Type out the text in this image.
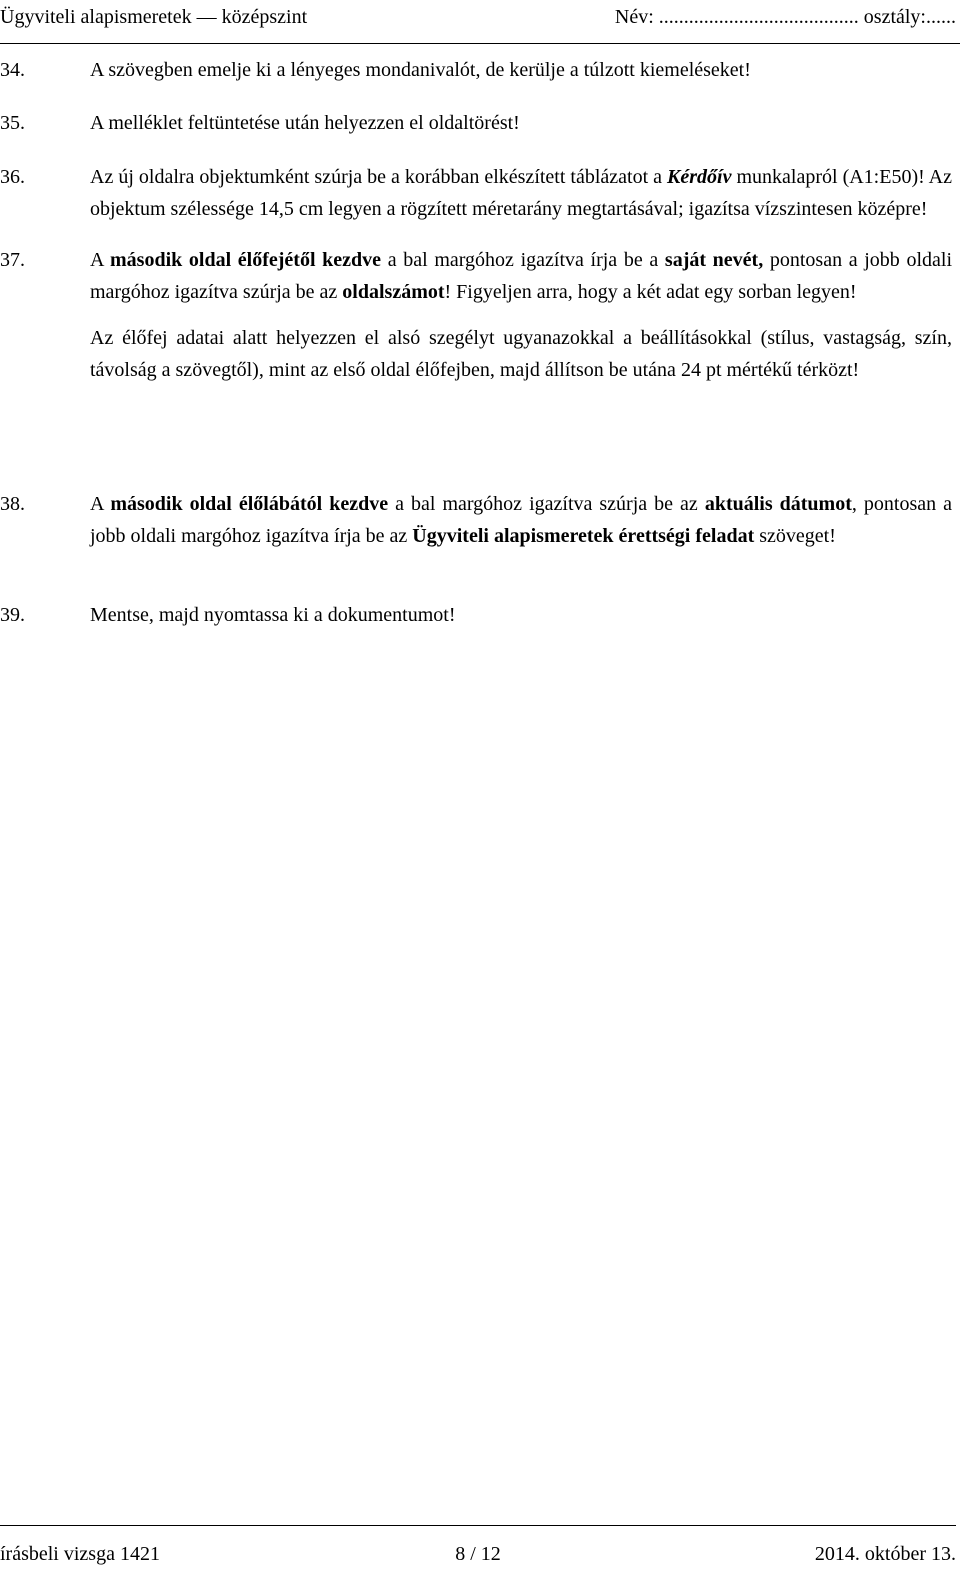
Ügyviteli alapismeretek — középszint	Név: ........................................ osztály:......
34.	A szövegben emelje ki a lényeges mondanivalót, de kerülje a túlzott kiemeléseket!

35.	A melléklet feltüntetése után helyezzen el oldaltörést!

36.	Az új oldalra objektumként szúrja be a korábban elkészített táblázatot a Kérdőív munkalapról (A1:E50)! Az objektum szélessége 14,5 cm legyen a rögzített méretarány megtartásával; igazítsa vízszintesen középre!

37.	A második oldal élőfejétől kezdve a bal margóhoz igazítva írja be a saját nevét, pontosan a jobb oldali margóhoz igazítva szúrja be az oldalszámot! Figyeljen arra, hogy a két adat egy sorban legyen!

Az élőfej adatai alatt helyezzen el alsó szegélyt ugyanazokkal a beállításokkal (stílus, vastagság, szín, távolság a szövegtől), mint az első oldal élőfejben, majd állítson be utána 24 pt mértékű térközt!

38.	A második oldal élőlábától kezdve a bal margóhoz igazítva szúrja be az aktuális dátumot, pontosan a jobb oldali margóhoz igazítva írja be az Ügyviteli alapismeretek érettségi feladat szöveget!

39.	Mentse, majd nyomtassa ki a dokumentumot!

írásbeli vizsga 1421	8 / 12	2014. október 13.
